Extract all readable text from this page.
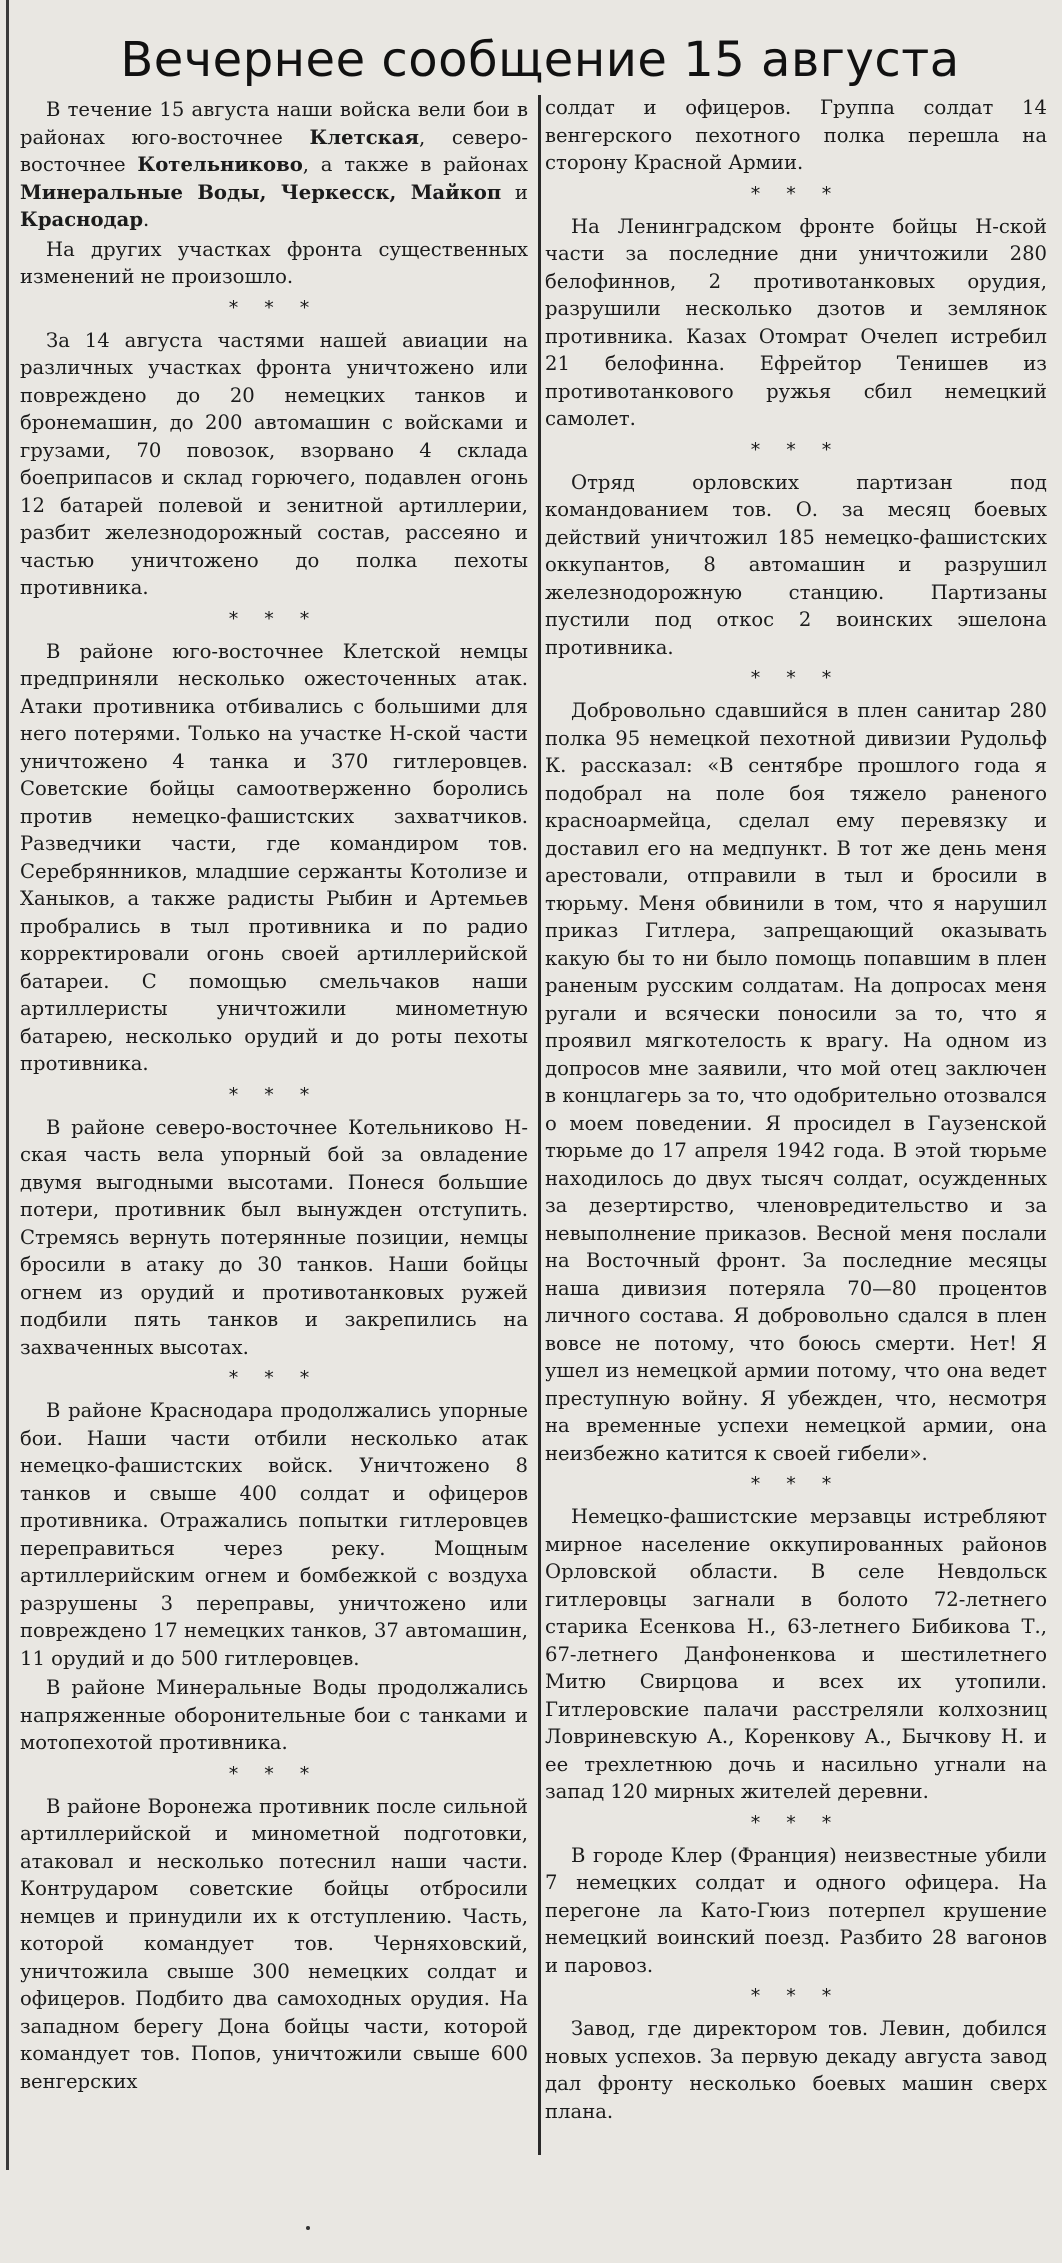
Вечернее сообщение 15 августа

В течение 15 августа наши войска вели бои в районах юго-восточнее Клетская, северо-восточнее Котельниково, а также в районах Минеральные Воды, Черкесск, Майкоп и Краснодар.

На других участках фронта существенных изменений не произошло.

* * *

За 14 августа частями нашей авиации на различных участках фронта уничтожено или повреждено до 20 немецких танков и бронемашин, до 200 автомашин с войсками и грузами, 70 повозок, взорвано 4 склада боеприпасов и склад горючего, подавлен огонь 12 батарей полевой и зенитной артиллерии, разбит железнодорожный состав, рассеяно и частью уничтожено до полка пехоты противника.

* * *

В районе юго-восточнее Клетской немцы предприняли несколько ожесточенных атак. Атаки противника отбивались с большими для него потерями. Только на участке Н-ской части уничтожено 4 танка и 370 гитлеровцев. Советские бойцы самоотверженно боролись против немецко-фашистских захватчиков. Разведчики части, где командиром тов. Серебрянников, младшие сержанты Котолизе и Ханыков, а также радисты Рыбин и Артемьев пробрались в тыл противника и по радио корректировали огонь своей артиллерийской батареи. С помощью смельчаков наши артиллеристы уничтожили минометную батарею, несколько орудий и до роты пехоты противника.

* * *

В районе северо-восточнее Котельниково Н-ская часть вела упорный бой за овладение двумя выгодными высотами. Понеся большие потери, противник был вынужден отступить. Стремясь вернуть потерянные позиции, немцы бросили в атаку до 30 танков. Наши бойцы огнем из орудий и противотанковых ружей подбили пять танков и закрепились на захваченных высотах.

* * *

В районе Краснодара продолжались упорные бои. Наши части отбили несколько атак немецко-фашистских войск. Уничтожено 8 танков и свыше 400 солдат и офицеров противника. Отражались попытки гитлеровцев переправиться через реку. Мощным артиллерийским огнем и бомбежкой с воздуха разрушены 3 переправы, уничтожено или повреждено 17 немецких танков, 37 автомашин, 11 орудий и до 500 гитлеровцев.

В районе Минеральные Воды продолжались напряженные оборонительные бои с танками и мотопехотой противника.

* * *

В районе Воронежа противник после сильной артиллерийской и минометной подготовки, атаковал и несколько потеснил наши части. Контрударом советские бойцы отбросили немцев и принудили их к отступлению. Часть, которой командует тов. Черняховский, уничтожила свыше 300 немецких солдат и офицеров. Подбито два самоходных орудия. На западном берегу Дона бойцы части, которой командует тов. Попов, уничтожили свыше 600 венгерских

солдат и офицеров. Группа солдат 14 венгерского пехотного полка перешла на сторону Красной Армии.

* * *

На Ленинградском фронте бойцы Н-ской части за последние дни уничтожили 280 белофиннов, 2 противотанковых орудия, разрушили несколько дзотов и землянок противника. Казах Отомрат Очелеп истребил 21 белофинна. Ефрейтор Тенишев из противотанкового ружья сбил немецкий самолет.

* * *

Отряд орловских партизан под командованием тов. О. за месяц боевых действий уничтожил 185 немецко-фашистских оккупантов, 8 автомашин и разрушил железнодорожную станцию. Партизаны пустили под откос 2 воинских эшелона противника.

* * *

Добровольно сдавшийся в плен санитар 280 полка 95 немецкой пехотной дивизии Рудольф К. рассказал: «В сентябре прошлого года я подобрал на поле боя тяжело раненого красноармейца, сделал ему перевязку и доставил его на медпункт. В тот же день меня арестовали, отправили в тыл и бросили в тюрьму. Меня обвинили в том, что я нарушил приказ Гитлера, запрещающий оказывать какую бы то ни было помощь попавшим в плен раненым русским солдатам. На допросах меня ругали и всячески поносили за то, что я проявил мягкотелость к врагу. На одном из допросов мне заявили, что мой отец заключен в концлагерь за то, что одобрительно отозвался о моем поведении. Я просидел в Гаузенской тюрьме до 17 апреля 1942 года. В этой тюрьме находилось до двух тысяч солдат, осужденных за дезертирство, членовредительство и за невыполнение приказов. Весной меня послали на Восточный фронт. За последние месяцы наша дивизия потеряла 70—80 процентов личного состава. Я добровольно сдался в плен вовсе не потому, что боюсь смерти. Нет! Я ушел из немецкой армии потому, что она ведет преступную войну. Я убежден, что, несмотря на временные успехи немецкой армии, она неизбежно катится к своей гибели».

* * *

Немецко-фашистские мерзавцы истребляют мирное население оккупированных районов Орловской области. В селе Невдольск гитлеровцы загнали в болото 72-летнего старика Есенкова Н., 63-летнего Бибикова Т., 67-летнего Данфоненкова и шестилетнего Митю Свирцова и всех их утопили. Гитлеровские палачи расстреляли колхозниц Ловриневскую А., Коренкову А., Бычкову Н. и ее трехлетнюю дочь и насильно угнали на запад 120 мирных жителей деревни.

* * *

В городе Клер (Франция) неизвестные убили 7 немецких солдат и одного офицера. На перегоне ла Като-Гюиз потерпел крушение немецкий воинский поезд. Разбито 28 вагонов и паровоз.

* * *

Завод, где директором тов. Левин, добился новых успехов. За первую декаду августа завод дал фронту несколько боевых машин сверх плана.
